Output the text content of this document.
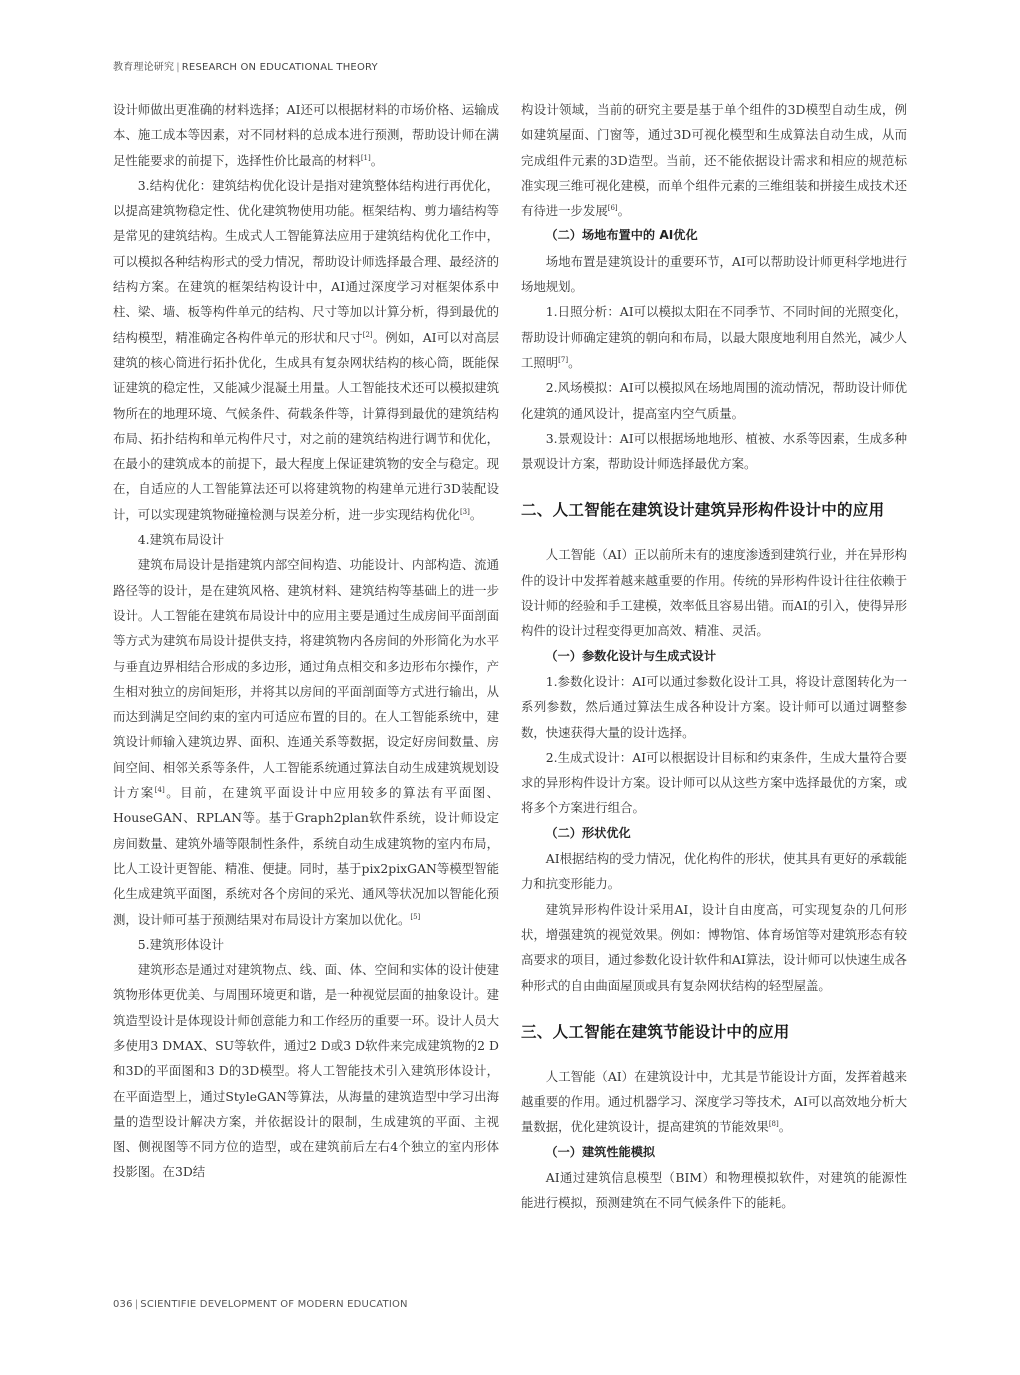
教育理论研究 | RESEARCH ON EDUCATIONAL THEORY

设计师做出更准确的材料选择；AI还可以根据材料的市场价格、运输成本、施工成本等因素，对不同材料的总成本进行预测，帮助设计师在满足性能要求的前提下，选择性价比最高的材料[1]。

3.结构优化：建筑结构优化设计是指对建筑整体结构进行再优化，以提高建筑物稳定性、优化建筑物使用功能。框架结构、剪力墙结构等是常见的建筑结构。生成式人工智能算法应用于建筑结构优化工作中，可以模拟各种结构形式的受力情况，帮助设计师选择最合理、最经济的结构方案。在建筑的框架结构设计中，AI通过深度学习对框架体系中柱、梁、墙、板等构件单元的结构、尺寸等加以计算分析，得到最优的结构模型，精准确定各构件单元的形状和尺寸[2]。例如，AI可以对高层建筑的核心筒进行拓扑优化，生成具有复杂网状结构的核心筒，既能保证建筑的稳定性，又能减少混凝土用量。人工智能技术还可以模拟建筑物所在的地理环境、气候条件、荷载条件等，计算得到最优的建筑结构布局、拓扑结构和单元构件尺寸，对之前的建筑结构进行调节和优化，在最小的建筑成本的前提下，最大程度上保证建筑物的安全与稳定。现在，自适应的人工智能算法还可以将建筑物的构建单元进行3D装配设计，可以实现建筑物碰撞检测与误差分析，进一步实现结构优化[3]。

4.建筑布局设计

建筑布局设计是指建筑内部空间构造、功能设计、内部构造、流通路径等的设计，是在建筑风格、建筑材料、建筑结构等基础上的进一步设计。人工智能在建筑布局设计中的应用主要是通过生成房间平面剖面等方式为建筑布局设计提供支持，将建筑物内各房间的外形简化为水平与垂直边界相结合形成的多边形，通过角点相交和多边形布尔操作，产生相对独立的房间矩形，并将其以房间的平面剖面等方式进行输出，从而达到满足空间约束的室内可适应布置的目的。在人工智能系统中，建筑设计师输入建筑边界、面积、连通关系等数据，设定好房间数量、房间空间、相邻关系等条件，人工智能系统通过算法自动生成建筑规划设计方案[4]。目前，在建筑平面设计中应用较多的算法有平面图、HouseGAN、RPLAN等。基于Graph2plan软件系统，设计师设定房间数量、建筑外墙等限制性条件，系统自动生成建筑物的室内布局，比人工设计更智能、精准、便捷。同时，基于pix2pixGAN等模型智能化生成建筑平面图，系统对各个房间的采光、通风等状况加以智能化预测，设计师可基于预测结果对布局设计方案加以优化。[5]

5.建筑形体设计

建筑形态是通过对建筑物点、线、面、体、空间和实体的设计使建筑物形体更优美、与周围环境更和谐，是一种视觉层面的抽象设计。建筑造型设计是体现设计师创意能力和工作经历的重要一环。设计人员大多使用3 DMAX、SU等软件，通过2 D或3 D软件来完成建筑物的2 D和3D的平面图和3 D的3D模型。将人工智能技术引入建筑形体设计，在平面造型上，通过StyleGAN等算法，从海量的建筑造型中学习出海量的造型设计解决方案，并依据设计的限制，生成建筑的平面、主视图、侧视图等不同方位的造型，或在建筑前后左右4个独立的室内形体投影图。在3D结

构设计领域，当前的研究主要是基于单个组件的3D模型自动生成，例如建筑屋面、门窗等，通过3D可视化模型和生成算法自动生成，从而完成组件元素的3D造型。当前，还不能依据设计需求和相应的规范标准实现三维可视化建模，而单个组件元素的三维组装和拼接生成技术还有待进一步发展[6]。

（二）场地布置中的 AI优化

场地布置是建筑设计的重要环节，AI可以帮助设计师更科学地进行场地规划。

1.日照分析：AI可以模拟太阳在不同季节、不同时间的光照变化，帮助设计师确定建筑的朝向和布局，以最大限度地利用自然光，减少人工照明[7]。

2.风场模拟：AI可以模拟风在场地周围的流动情况，帮助设计师优化建筑的通风设计，提高室内空气质量。

3.景观设计：AI可以根据场地地形、植被、水系等因素，生成多种景观设计方案，帮助设计师选择最优方案。

二、人工智能在建筑设计建筑异形构件设计中的应用

人工智能（AI）正以前所未有的速度渗透到建筑行业，并在异形构件的设计中发挥着越来越重要的作用。传统的异形构件设计往往依赖于设计师的经验和手工建模，效率低且容易出错。而AI的引入，使得异形构件的设计过程变得更加高效、精准、灵活。

（一）参数化设计与生成式设计

1.参数化设计：AI可以通过参数化设计工具，将设计意图转化为一系列参数，然后通过算法生成各种设计方案。设计师可以通过调整参数，快速获得大量的设计选择。

2.生成式设计：AI可以根据设计目标和约束条件，生成大量符合要求的异形构件设计方案。设计师可以从这些方案中选择最优的方案，或将多个方案进行组合。

（二）形状优化

AI根据结构的受力情况，优化构件的形状，使其具有更好的承载能力和抗变形能力。

建筑异形构件设计采用AI，设计自由度高，可实现复杂的几何形状，增强建筑的视觉效果。例如：博物馆、体育场馆等对建筑形态有较高要求的项目，通过参数化设计软件和AI算法，设计师可以快速生成各种形式的自由曲面屋顶或具有复杂网状结构的轻型屋盖。

三、人工智能在建筑节能设计中的应用

人工智能（AI）在建筑设计中，尤其是节能设计方面，发挥着越来越重要的作用。通过机器学习、深度学习等技术，AI可以高效地分析大量数据，优化建筑设计，提高建筑的节能效果[8]。

（一）建筑性能模拟

AI通过建筑信息模型（BIM）和物理模拟软件，对建筑的能源性能进行模拟，预测建筑在不同气候条件下的能耗。

036 | SCIENTIFIE DEVELOPMENT OF MODERN EDUCATION
